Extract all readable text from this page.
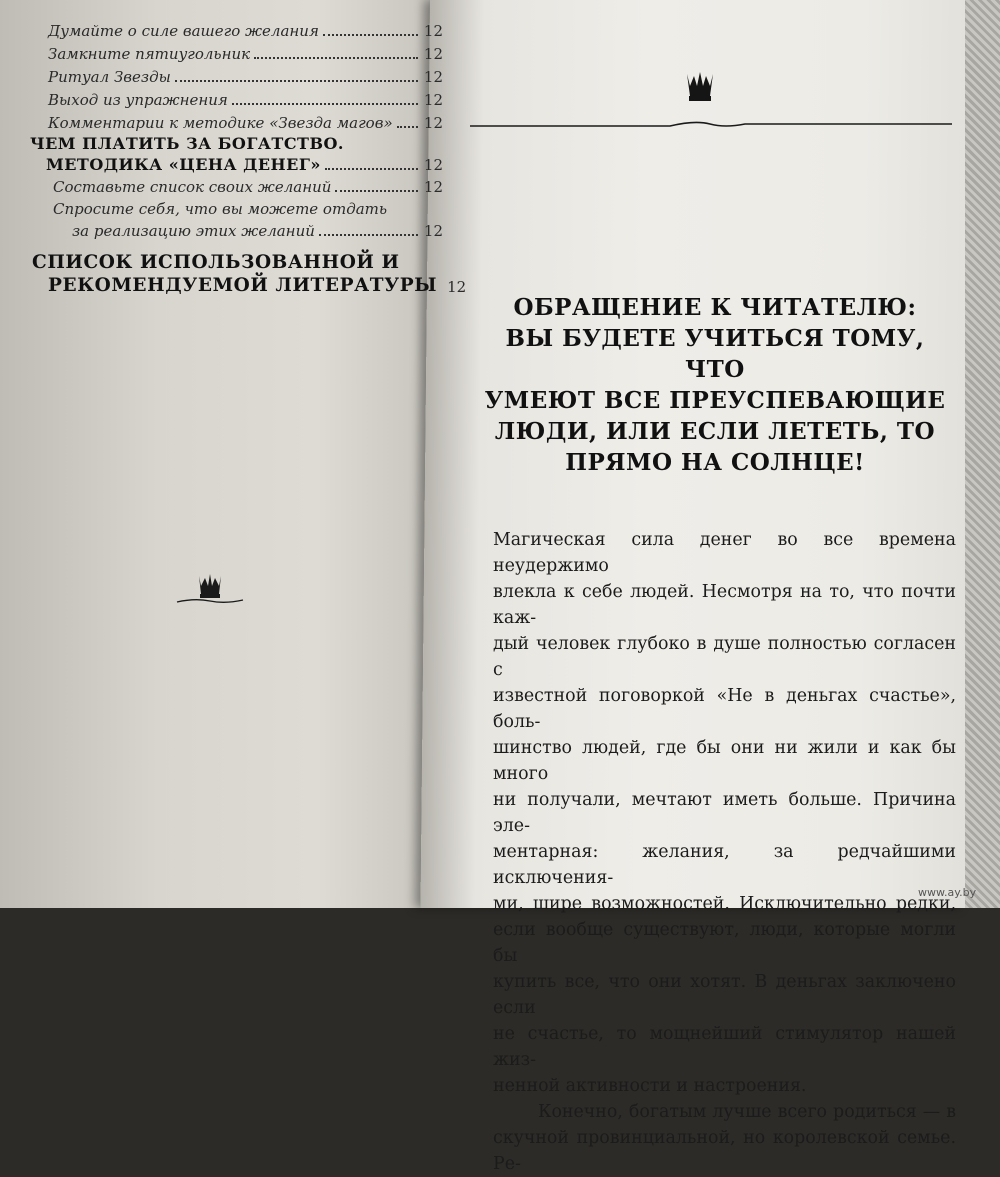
Думайте о силе вашего желания	12
Замкните пятиугольник	12
Ритуал Звезды	12
Выход из упражнения	12
Комментарии к методике «Звезда магов» 12
ЧЕМ ПЛАТИТЬ ЗА БОГАТСТВО.
МЕТОДИКА «ЦЕНА ДЕНЕГ»	12
Составьте список своих желаний	12
Спросите себя, что вы можете отдать
за реализацию этих желаний	12
СПИСОК ИСПОЛЬЗОВАННОЙ И
РЕКОМЕНДУЕМОЙ ЛИТЕРАТУРЫ 12
ОБРАЩЕНИЕ К ЧИТАТЕЛЮ:
ВЫ БУДЕТЕ УЧИТЬСЯ ТОМУ, ЧТО
УМЕЮТ ВСЕ ПРЕУСПЕВАЮЩИЕ
ЛЮДИ, ИЛИ ЕСЛИ ЛЕТЕТЬ, ТО
ПРЯМО НА СОЛНЦЕ!
Магическая сила денег во все времена неудержимо
влекла к себе людей. Несмотря на то, что почти каж-
дый человек глубоко в душе полностью согласен с
известной поговоркой «Не в деньгах счастье», боль-
шинство людей, где бы они ни жили и как бы много
ни получали, мечтают иметь больше. Причина эле-
ментарная: желания, за редчайшими исключения-
ми, шире возможностей. Исключительно редки,
если вообще существуют, люди, которые могли бы
купить все, что они хотят. В деньгах заключено если
не счастье, то мощнейший стимулятор нашей жиз-
ненной активности и настроения.
Конечно, богатым лучше всего родиться — в
скучной провинциальной, но королевской семье. Ре-
www.ay.by
